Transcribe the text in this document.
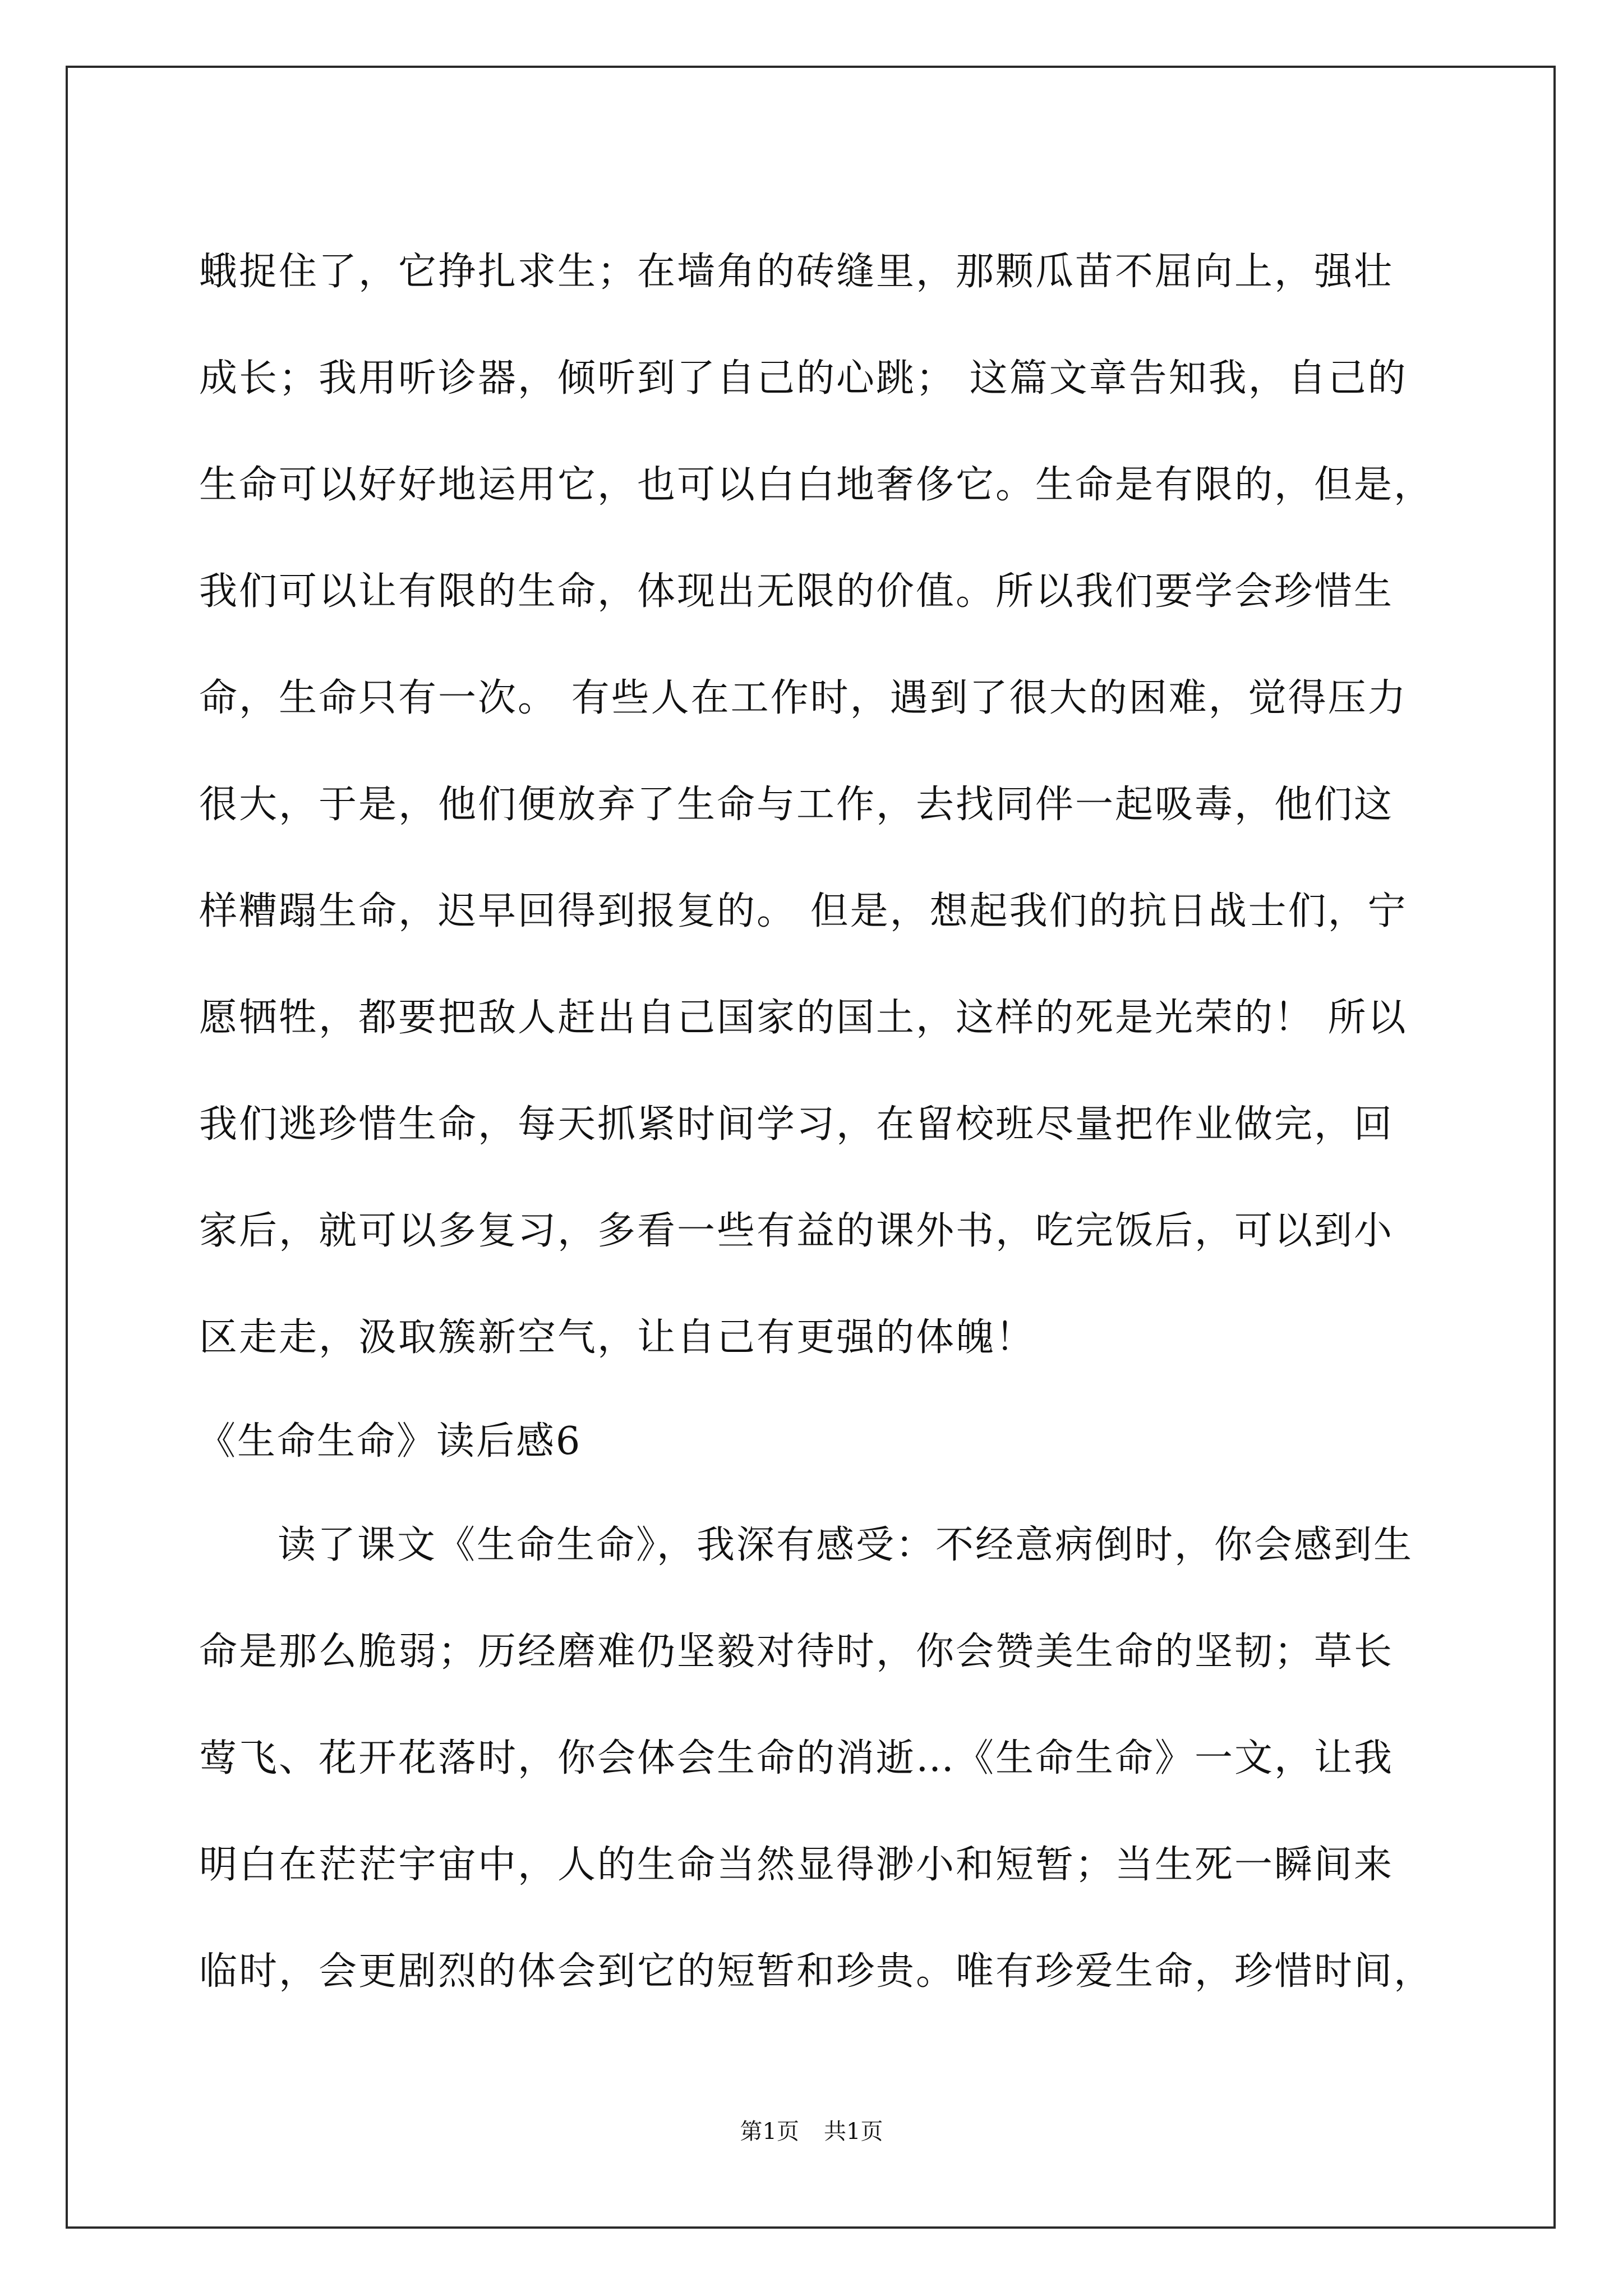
蛾捉住了，它挣扎求生；在墙角的砖缝里，那颗瓜苗不屈向上，强壮
成长；我用听诊器，倾听到了自己的心跳； 这篇文章告知我，自己的
生命可以好好地运用它，也可以白白地奢侈它。生命是有限的，但是，
我们可以让有限的生命，体现出无限的价值。所以我们要学会珍惜生
命，生命只有一次。 有些人在工作时，遇到了很大的困难，觉得压力
很大，于是，他们便放弃了生命与工作，去找同伴一起吸毒，他们这
样糟蹋生命，迟早回得到报复的。 但是，想起我们的抗日战士们，宁
愿牺牲，都要把敌人赶出自己国家的国土，这样的死是光荣的！ 所以
我们逃珍惜生命，每天抓紧时间学习，在留校班尽量把作业做完，回
家后，就可以多复习，多看一些有益的课外书，吃完饭后，可以到小
区走走，汲取簇新空气，让自己有更强的体魄！
《生命生命》读后感6
读了课文《生命生命》，我深有感受：不经意病倒时，你会感到生
命是那么脆弱；历经磨难仍坚毅对待时，你会赞美生命的坚韧；草长
莺飞、花开花落时，你会体会生命的消逝…《生命生命》一文，让我
明白在茫茫宇宙中，人的生命当然显得渺小和短暂；当生死一瞬间来
临时，会更剧烈的体会到它的短暂和珍贵。唯有珍爱生命，珍惜时间，
第1页 共1页
